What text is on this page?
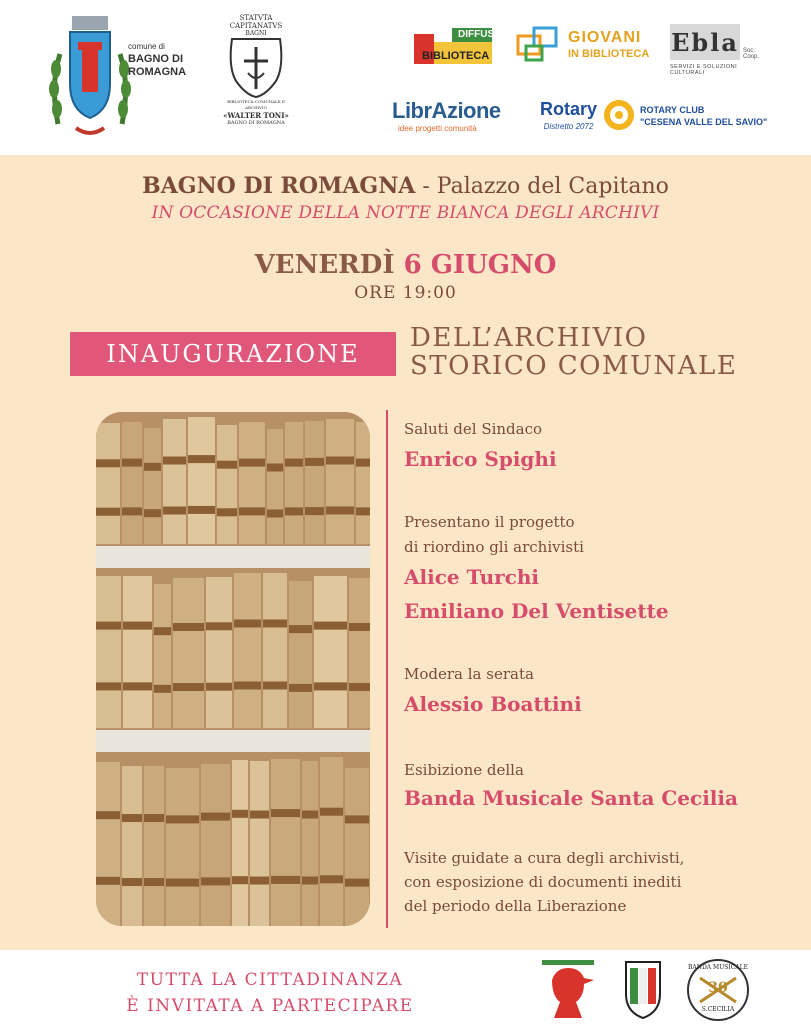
comune di
BAGNO DI
ROMAGNA
STATVTA
CAPITANATVS
BAGNI
BIBLIOTECA COMUNALE E ARCHIVIO
«WALTER TONI»
BAGNO DI ROMAGNA
DIFFUSA
BIBLIOTECA
GIOVANI
IN BIBLIOTECA Ebla Soc. Coop.
SERVIZI E SOLUZIONI CULTURALI
LibrAzione
idee progetti comunità
Rotary
Distretto 2072
ROTARY CLUB
"CESENA VALLE DEL SAVIO"
BAGNO DI ROMAGNA - Palazzo del Capitano
IN OCCASIONE DELLA NOTTE BIANCA DEGLI ARCHIVI
VENERDÌ 6 GIUGNO
ORE 19:00
INAUGURAZIONE
DELL’ARCHIVIO
STORICO COMUNALE
Saluti del Sindaco
Enrico Spighi
Presentano il progetto
di riordino gli archivisti
Alice Turchi
Emiliano Del Ventisette
Modera la serata
Alessio Boattini
Esibizione della
Banda Musicale Santa Cecilia
Visite guidate a cura degli archivisti,
con esposizione di documenti inediti
del periodo della Liberazione
TUTTA LA CITTADINANZA
È INVITATA A PARTECIPARE
BANDA MUSICALE
30
S.CECILIA
